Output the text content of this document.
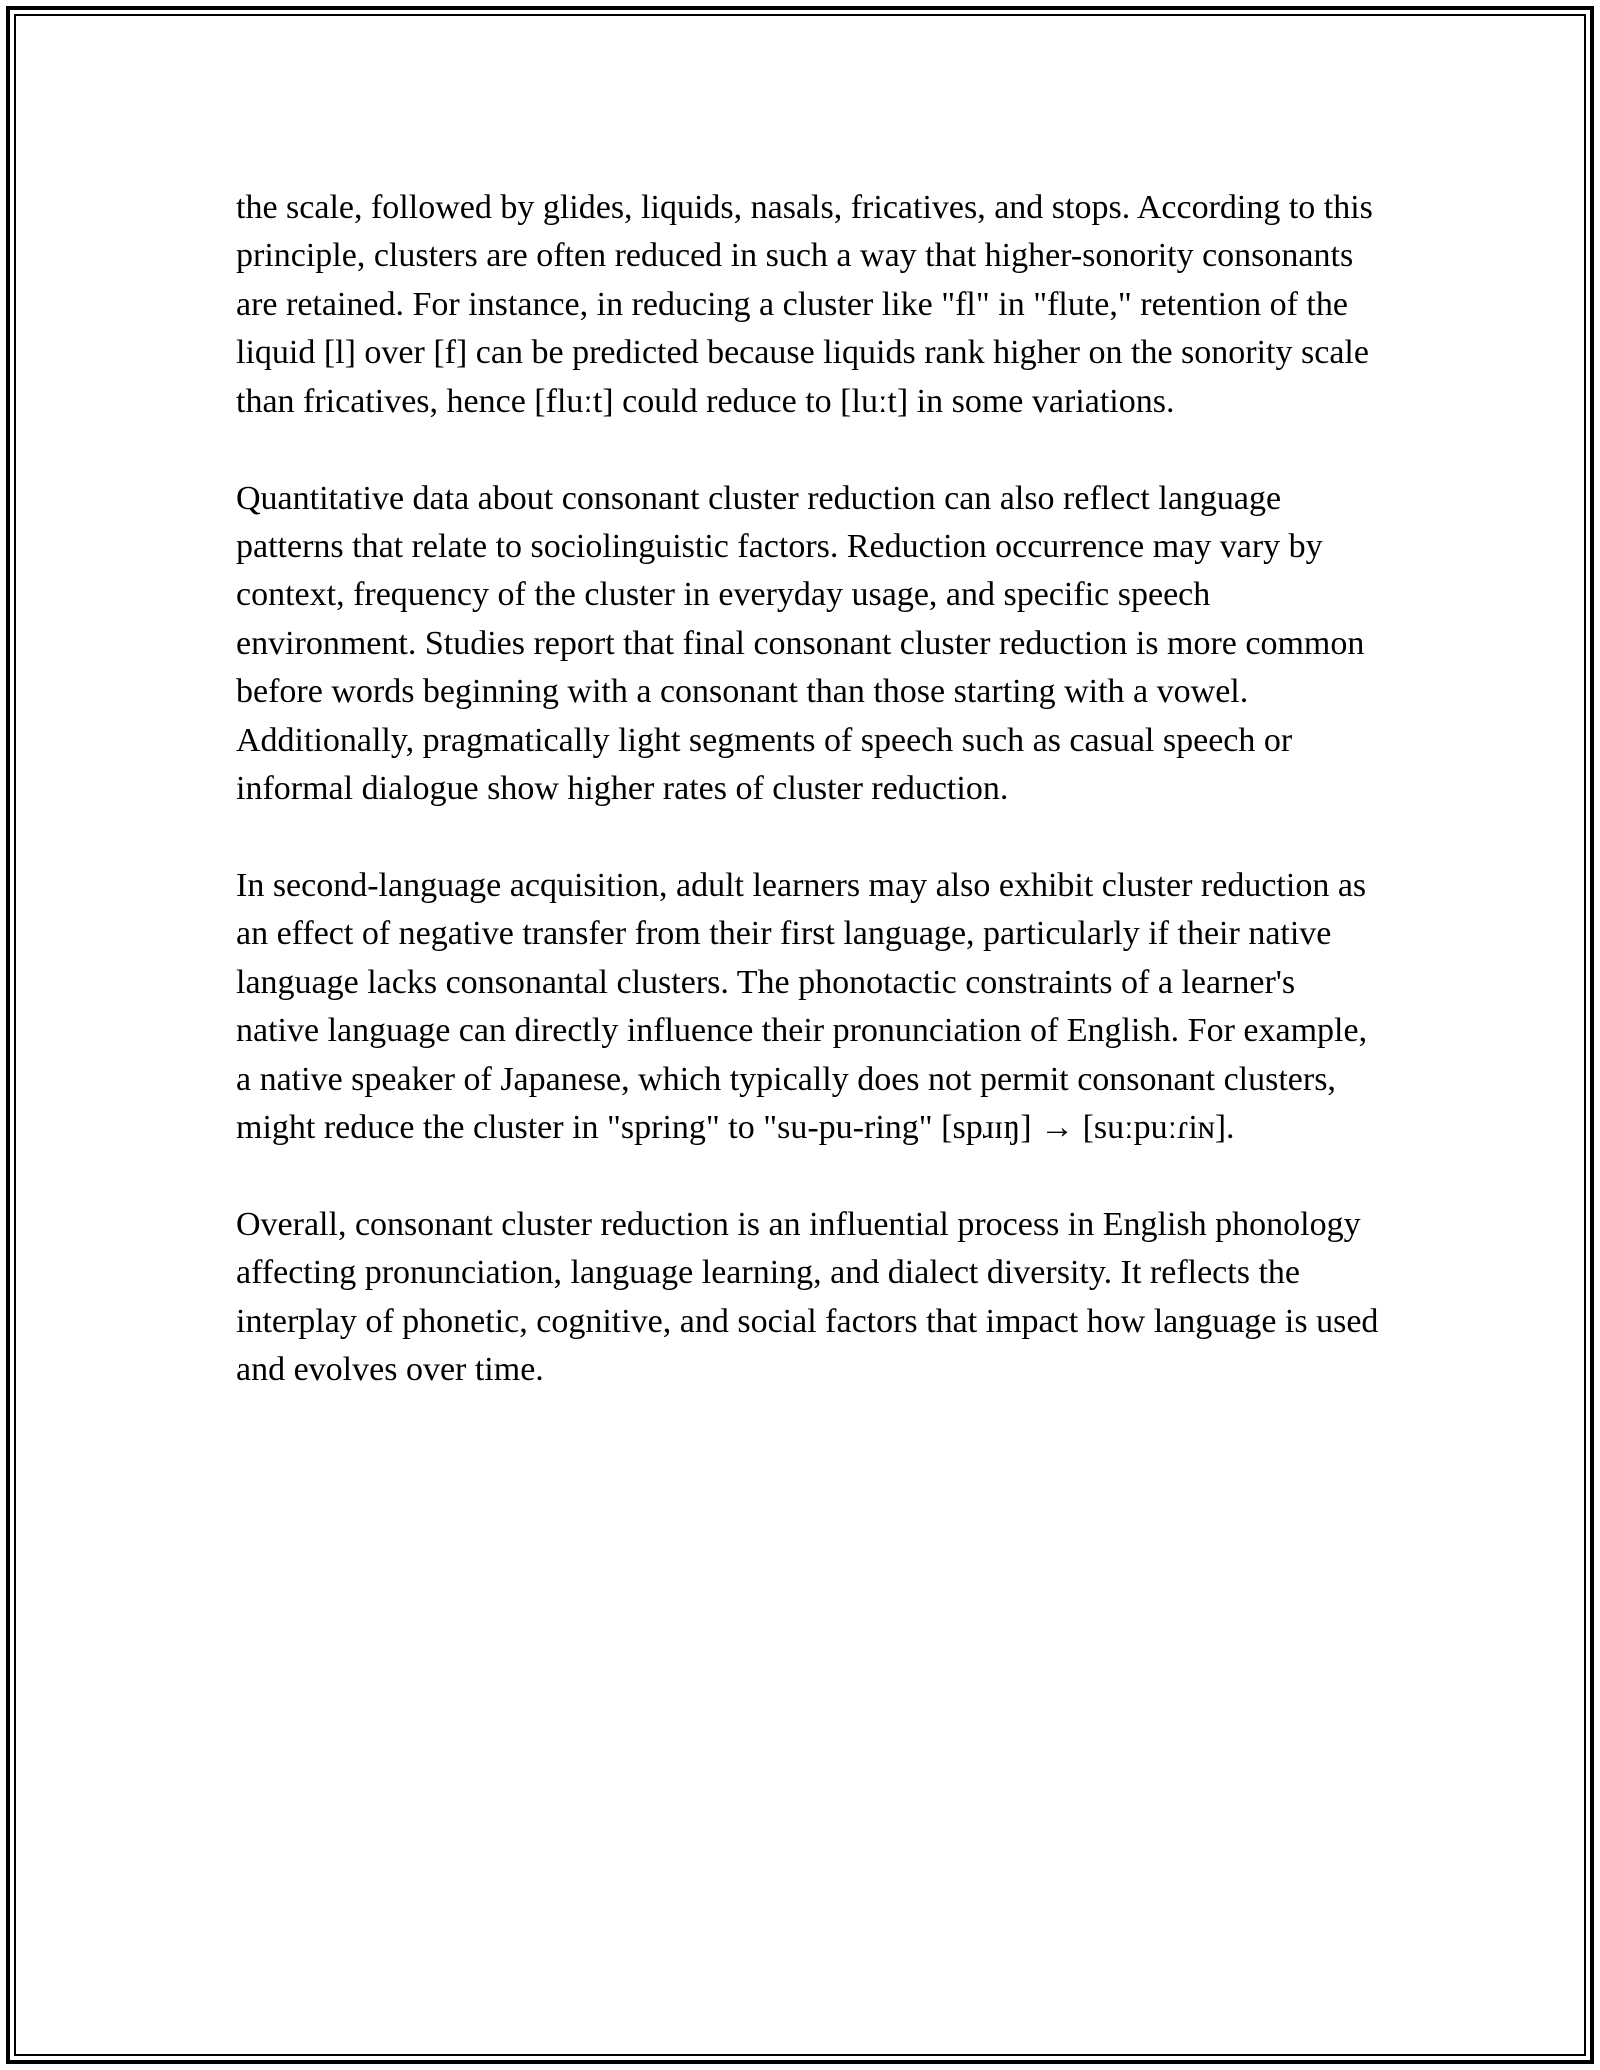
the scale, followed by glides, liquids, nasals, fricatives, and stops. According to this principle, clusters are often reduced in such a way that higher-sonority consonants are retained. For instance, in reducing a cluster like "fl" in "flute," retention of the liquid [l] over [f] can be predicted because liquids rank higher on the sonority scale than fricatives, hence [fluːt] could reduce to [luːt] in some variations.

Quantitative data about consonant cluster reduction can also reflect language patterns that relate to sociolinguistic factors. Reduction occurrence may vary by context, frequency of the cluster in everyday usage, and specific speech environment. Studies report that final consonant cluster reduction is more common before words beginning with a consonant than those starting with a vowel. Additionally, pragmatically light segments of speech such as casual speech or informal dialogue show higher rates of cluster reduction.

In second-language acquisition, adult learners may also exhibit cluster reduction as an effect of negative transfer from their first language, particularly if their native language lacks consonantal clusters. The phonotactic constraints of a learner's native language can directly influence their pronunciation of English. For example, a native speaker of Japanese, which typically does not permit consonant clusters, might reduce the cluster in "spring" to "su-pu-ring" [spɹɪŋ] → [suːpuːɾiɴ].

Overall, consonant cluster reduction is an influential process in English phonology affecting pronunciation, language learning, and dialect diversity. It reflects the interplay of phonetic, cognitive, and social factors that impact how language is used and evolves over time.
